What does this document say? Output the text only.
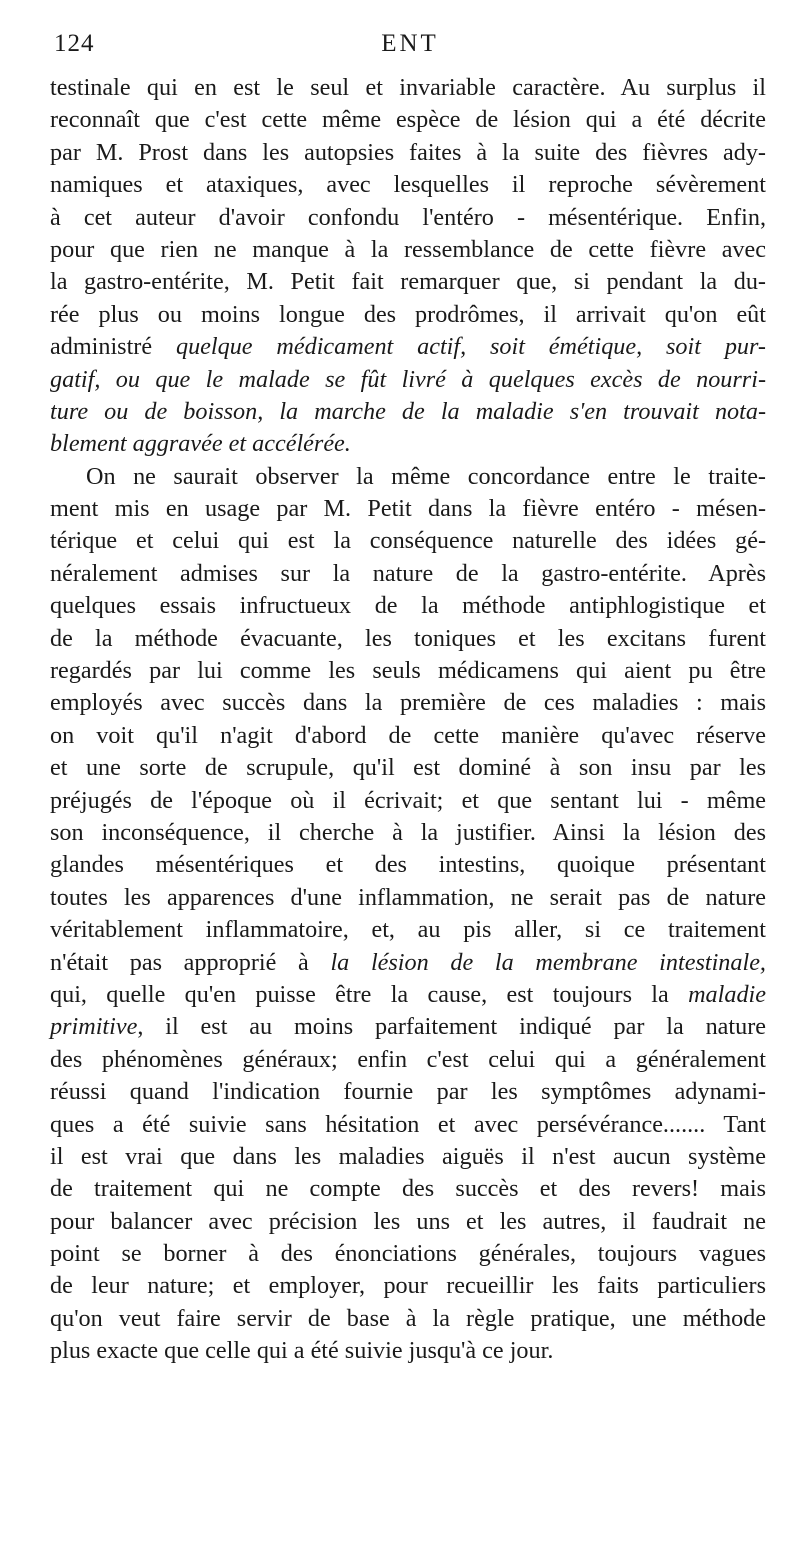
124	ENT
testinale qui en est le seul et invariable caractère. Au surplus il
reconnaît que c'est cette même espèce de lésion qui a été décrite
par M. Prost dans les autopsies faites à la suite des fièvres ady-
namiques et ataxiques, avec lesquelles il reproche sévèrement
à cet auteur d'avoir confondu l'entéro - mésentérique. Enfin,
pour que rien ne manque à la ressemblance de cette fièvre avec
la gastro-entérite, M. Petit fait remarquer que, si pendant la du-
rée plus ou moins longue des prodrômes, il arrivait qu'on eût
administré quelque médicament actif, soit émétique, soit pur-
gatif, ou que le malade se fût livré à quelques excès de nourri-
ture ou de boisson, la marche de la maladie s'en trouvait nota-
blement aggravée et accélérée.
On ne saurait observer la même concordance entre le traite-
ment mis en usage par M. Petit dans la fièvre entéro - mésen-
térique et celui qui est la conséquence naturelle des idées gé-
néralement admises sur la nature de la gastro-entérite. Après
quelques essais infructueux de la méthode antiphlogistique et
de la méthode évacuante, les toniques et les excitans furent
regardés par lui comme les seuls médicamens qui aient pu être
employés avec succès dans la première de ces maladies : mais
on voit qu'il n'agit d'abord de cette manière qu'avec réserve
et une sorte de scrupule, qu'il est dominé à son insu par les
préjugés de l'époque où il écrivait; et que sentant lui - même
son inconséquence, il cherche à la justifier. Ainsi la lésion des
glandes mésentériques et des intestins, quoique présentant
toutes les apparences d'une inflammation, ne serait pas de nature
véritablement inflammatoire, et, au pis aller, si ce traitement
n'était pas approprié à la lésion de la membrane intestinale,
qui, quelle qu'en puisse être la cause, est toujours la maladie
primitive, il est au moins parfaitement indiqué par la nature
des phénomènes généraux; enfin c'est celui qui a généralement
réussi quand l'indication fournie par les symptômes adynami-
ques a été suivie sans hésitation et avec persévérance....... Tant
il est vrai que dans les maladies aiguës il n'est aucun système
de traitement qui ne compte des succès et des revers! mais
pour balancer avec précision les uns et les autres, il faudrait ne
point se borner à des énonciations générales, toujours vagues
de leur nature; et employer, pour recueillir les faits particuliers
qu'on veut faire servir de base à la règle pratique, une méthode
plus exacte que celle qui a été suivie jusqu'à ce jour.
